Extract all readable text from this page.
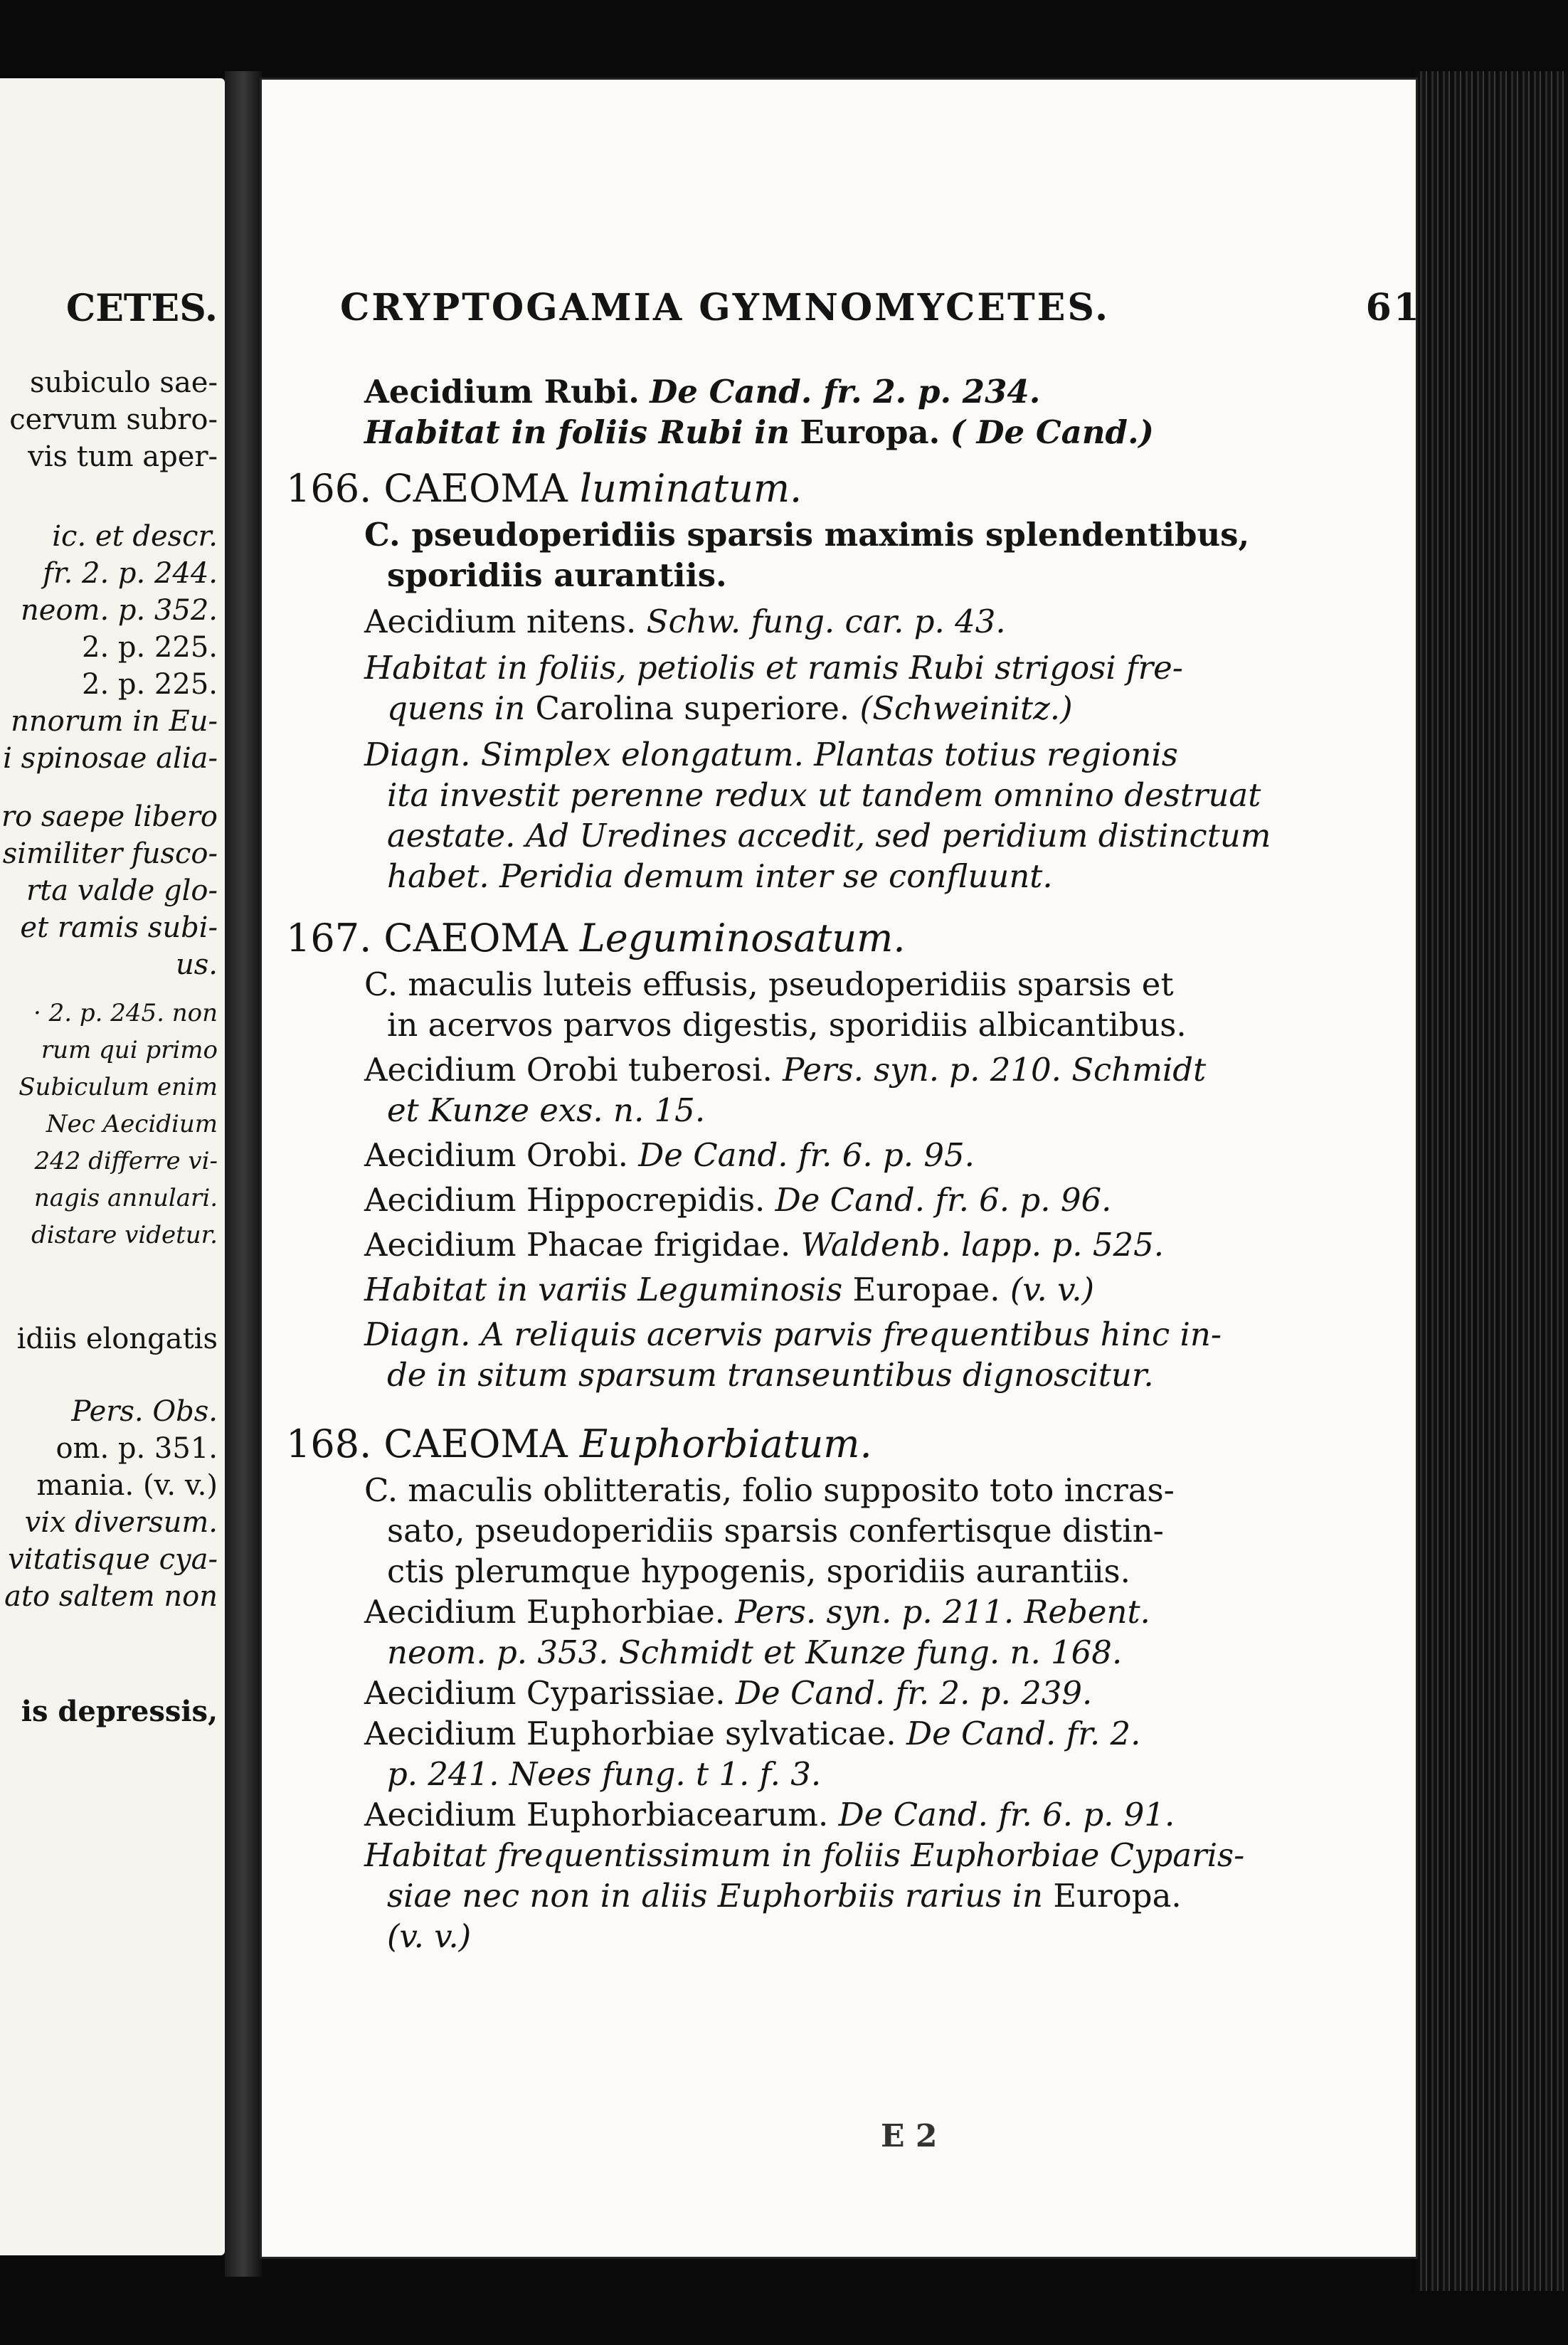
CETES.
subiculo sae-
cervum subro-
vis tum aper-
ic. et descr.
fr. 2. p. 244.
neom. p. 352.
2. p. 225.
2. p. 225.
nnorum in Eu-
i spinosae alia-
ro saepe libero
similiter fusco-
rta valde glo-
et ramis subi-
us.
· 2. p. 245. non
rum qui primo
Subiculum enim
Nec Aecidium
242 differre vi-
nagis annulari.
distare videtur.
idiis elongatis
Pers. Obs.
om. p. 351.
mania. (v. v.)
vix diversum.
vitatisque cya-
ato saltem non
is depressis,
CRYPTOGAMIA GYMNOMYCETES.	61
Aecidium Rubi. De Cand. fr. 2. p. 234.
Habitat in foliis Rubi in Europa. ( De Cand.)
166. CAEOMA luminatum.
C. pseudoperidiis sparsis maximis splendentibus,
sporidiis aurantiis.
Aecidium nitens. Schw. fung. car. p. 43.
Habitat in foliis, petiolis et ramis Rubi strigosi fre-
quens in Carolina superiore. (Schweinitz.)
Diagn. Simplex elongatum. Plantas totius regionis
ita investit perenne redux ut tandem omnino destruat
aestate. Ad Uredines accedit, sed peridium distinctum
habet. Peridia demum inter se confluunt.
167. CAEOMA Leguminosatum.
C. maculis luteis effusis, pseudoperidiis sparsis et
in acervos parvos digestis, sporidiis albicantibus.
Aecidium Orobi tuberosi. Pers. syn. p. 210. Schmidt
et Kunze exs. n. 15.
Aecidium Orobi. De Cand. fr. 6. p. 95.
Aecidium Hippocrepidis. De Cand. fr. 6. p. 96.
Aecidium Phacae frigidae. Waldenb. lapp. p. 525.
Habitat in variis Leguminosis Europae. (v. v.)
Diagn. A reliquis acervis parvis frequentibus hinc in-
de in situm sparsum transeuntibus dignoscitur.
168. CAEOMA Euphorbiatum.
C. maculis oblitteratis, folio supposito toto incras-
sato, pseudoperidiis sparsis confertisque distin-
ctis plerumque hypogenis, sporidiis aurantiis.
Aecidium Euphorbiae. Pers. syn. p. 211. Rebent.
neom. p. 353. Schmidt et Kunze fung. n. 168.
Aecidium Cyparissiae. De Cand. fr. 2. p. 239.
Aecidium Euphorbiae sylvaticae. De Cand. fr. 2.
p. 241. Nees fung. t 1. f. 3.
Aecidium Euphorbiacearum. De Cand. fr. 6. p. 91.
Habitat frequentissimum in foliis Euphorbiae Cyparis-
siae nec non in aliis Euphorbiis rarius in Europa.
(v. v.)
E 2
